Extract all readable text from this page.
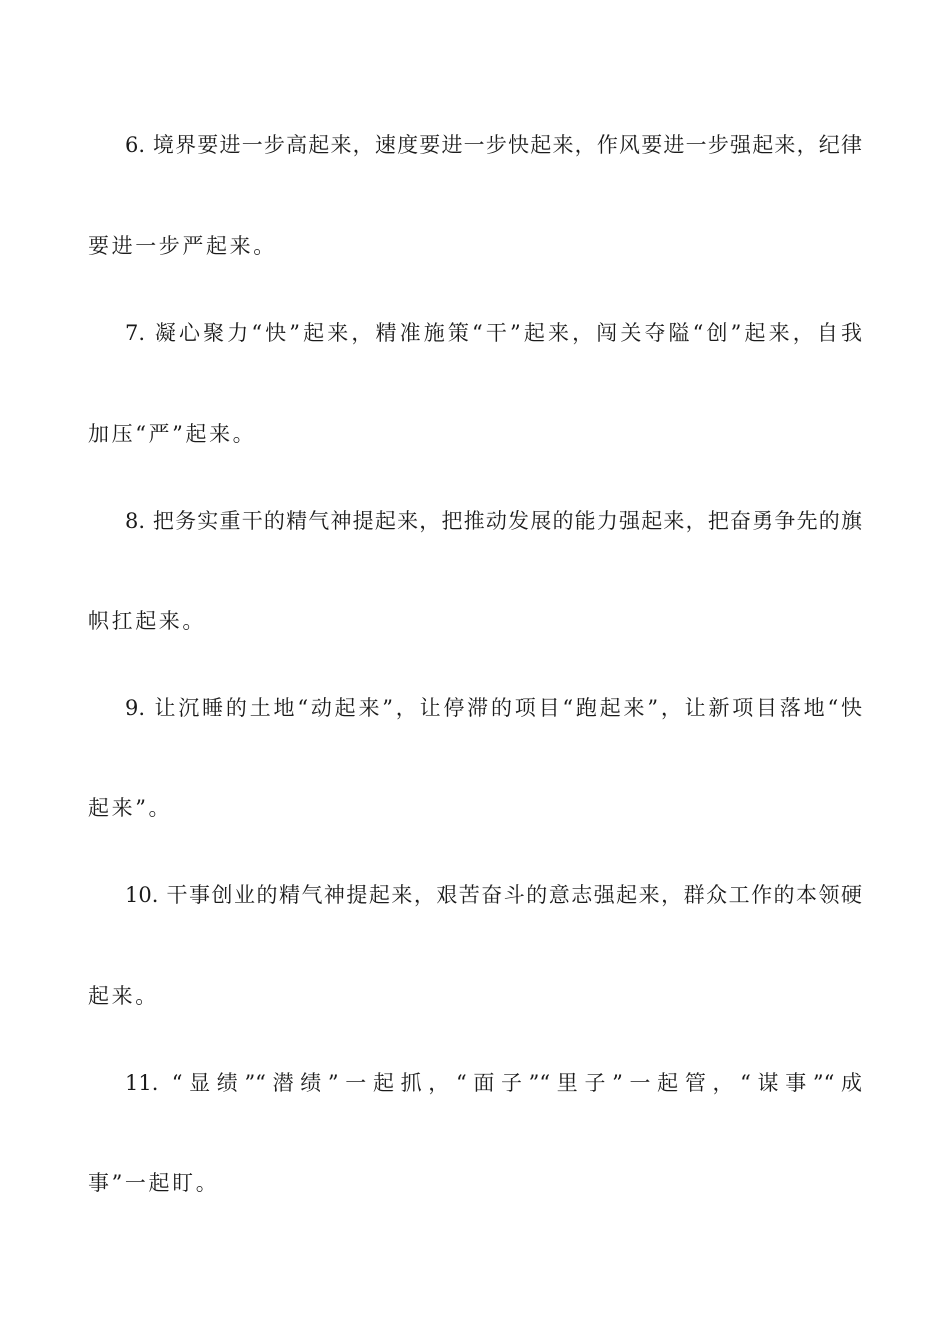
6. 境界要进一步高起来，速度要进一步快起来，作风要进一步强起来，纪律
要进一步严起来。
7. 凝心聚力“快”起来，精准施策“干”起来，闯关夺隘“创”起来，自我
加压“严”起来。
8. 把务实重干的精气神提起来，把推动发展的能力强起来，把奋勇争先的旗
帜扛起来。
9. 让沉睡的土地“动起来”，让停滞的项目“跑起来”，让新项目落地“快
起来”。
10. 干事创业的精气神提起来，艰苦奋斗的意志强起来，群众工作的本领硬
起来。
11. “显绩”“潜绩”一起抓，“面子”“里子”一起管，“谋事”“成
事”一起盯。
